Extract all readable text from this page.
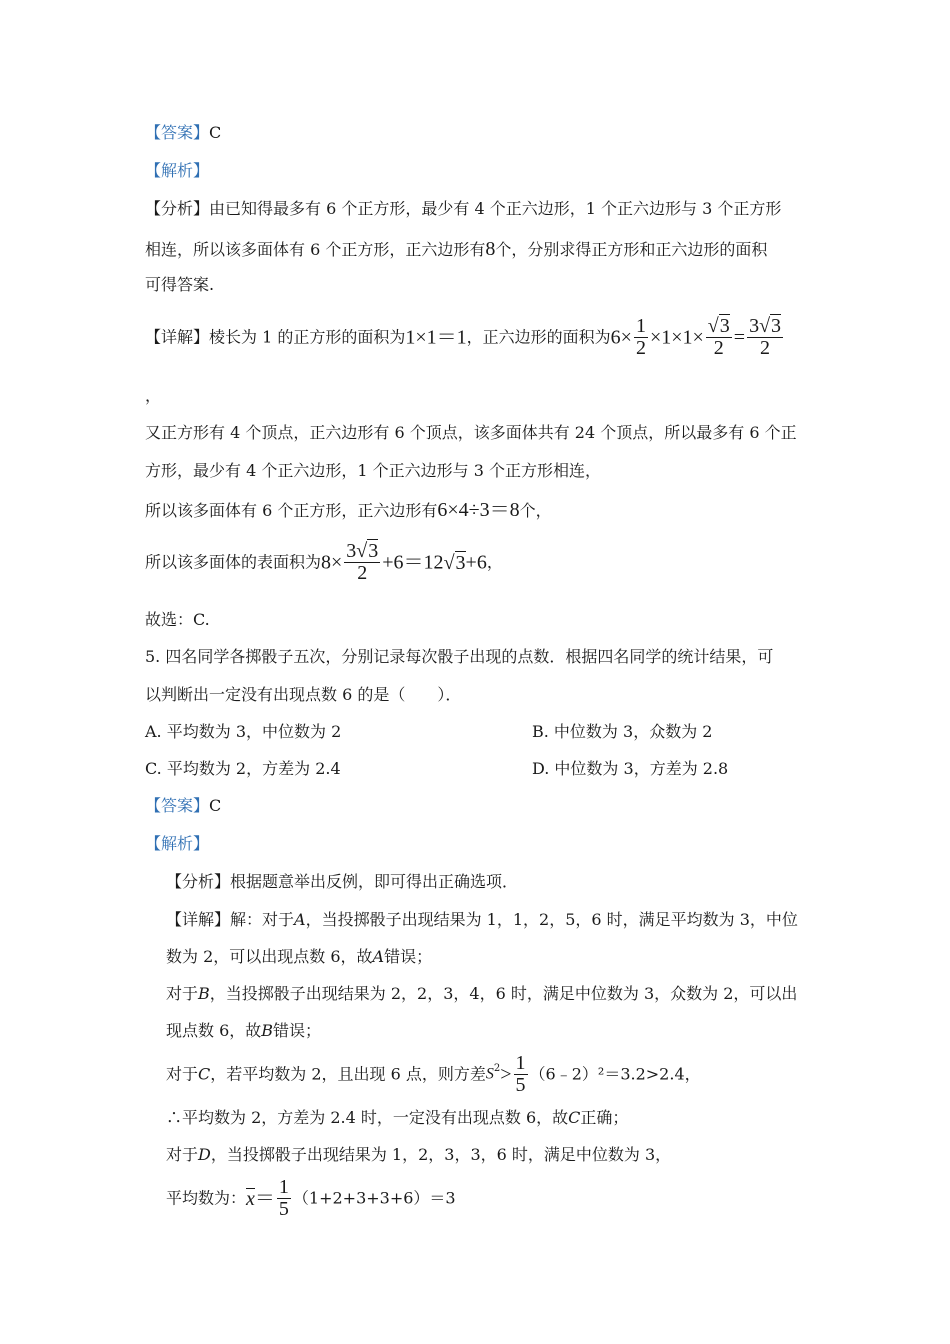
【答案】C
【解析】
【分析】由已知得最多有 6 个正方形，最少有 4 个正六边形，1 个正六边形与 3 个正方形
相连，所以该多面体有 6 个正方形，正六边形有8个，分别求得正方形和正六边形的面积
可得答案.
【详解】棱长为 1 的正方形的面积为1×1＝1，正六边形的面积为$6\times \frac{1}{2} \times 1\times 1\times \frac{√3}{2} = \frac{3√3}{2}$
，
又正方形有 4 个顶点，正六边形有 6 个顶点，该多面体共有 24 个顶点，所以最多有 6 个正
方形，最少有 4 个正六边形，1 个正六边形与 3 个正方形相连，
所以该多面体有 6 个正方形，正六边形有6×4÷3＝8个，
所以该多面体的表面积为$8\times \frac{3√3}{2} +6=12√3+6$，
故选：C.
5. 四名同学各掷骰子五次，分别记录每次骰子出现的点数．根据四名同学的统计结果，可
以判断出一定没有出现点数 6 的是（　　）．
A. 平均数为 3，中位数为 2	B. 中位数为 3，众数为 2
C. 平均数为 2，方差为 2.4	D. 中位数为 3，方差为 2.8
【答案】C
【解析】
【分析】根据题意举出反例，即可得出正确选项．
【详解】解：对于A，当投掷骰子出现结果为 1，1，2，5，6 时，满足平均数为 3，中位
数为 2，可以出现点数 6，故A错误；
对于B，当投掷骰子出现结果为 2，2，3，4，6 时，满足中位数为 3，众数为 2，可以出
现点数 6，故B错误；
对于C，若平均数为 2，且出现 6 点，则方差$S^2> \frac{1}{5}$ （6﹣2）²＝3.2>2.4，
∴平均数为 2，方差为 2.4 时，一定没有出现点数 6，故C正确；
对于D，当投掷骰子出现结果为 1，2，3，3，6 时，满足中位数为 3，
平均数为：$x= \frac{1}{5} (1+2+3+3+6)=3$
